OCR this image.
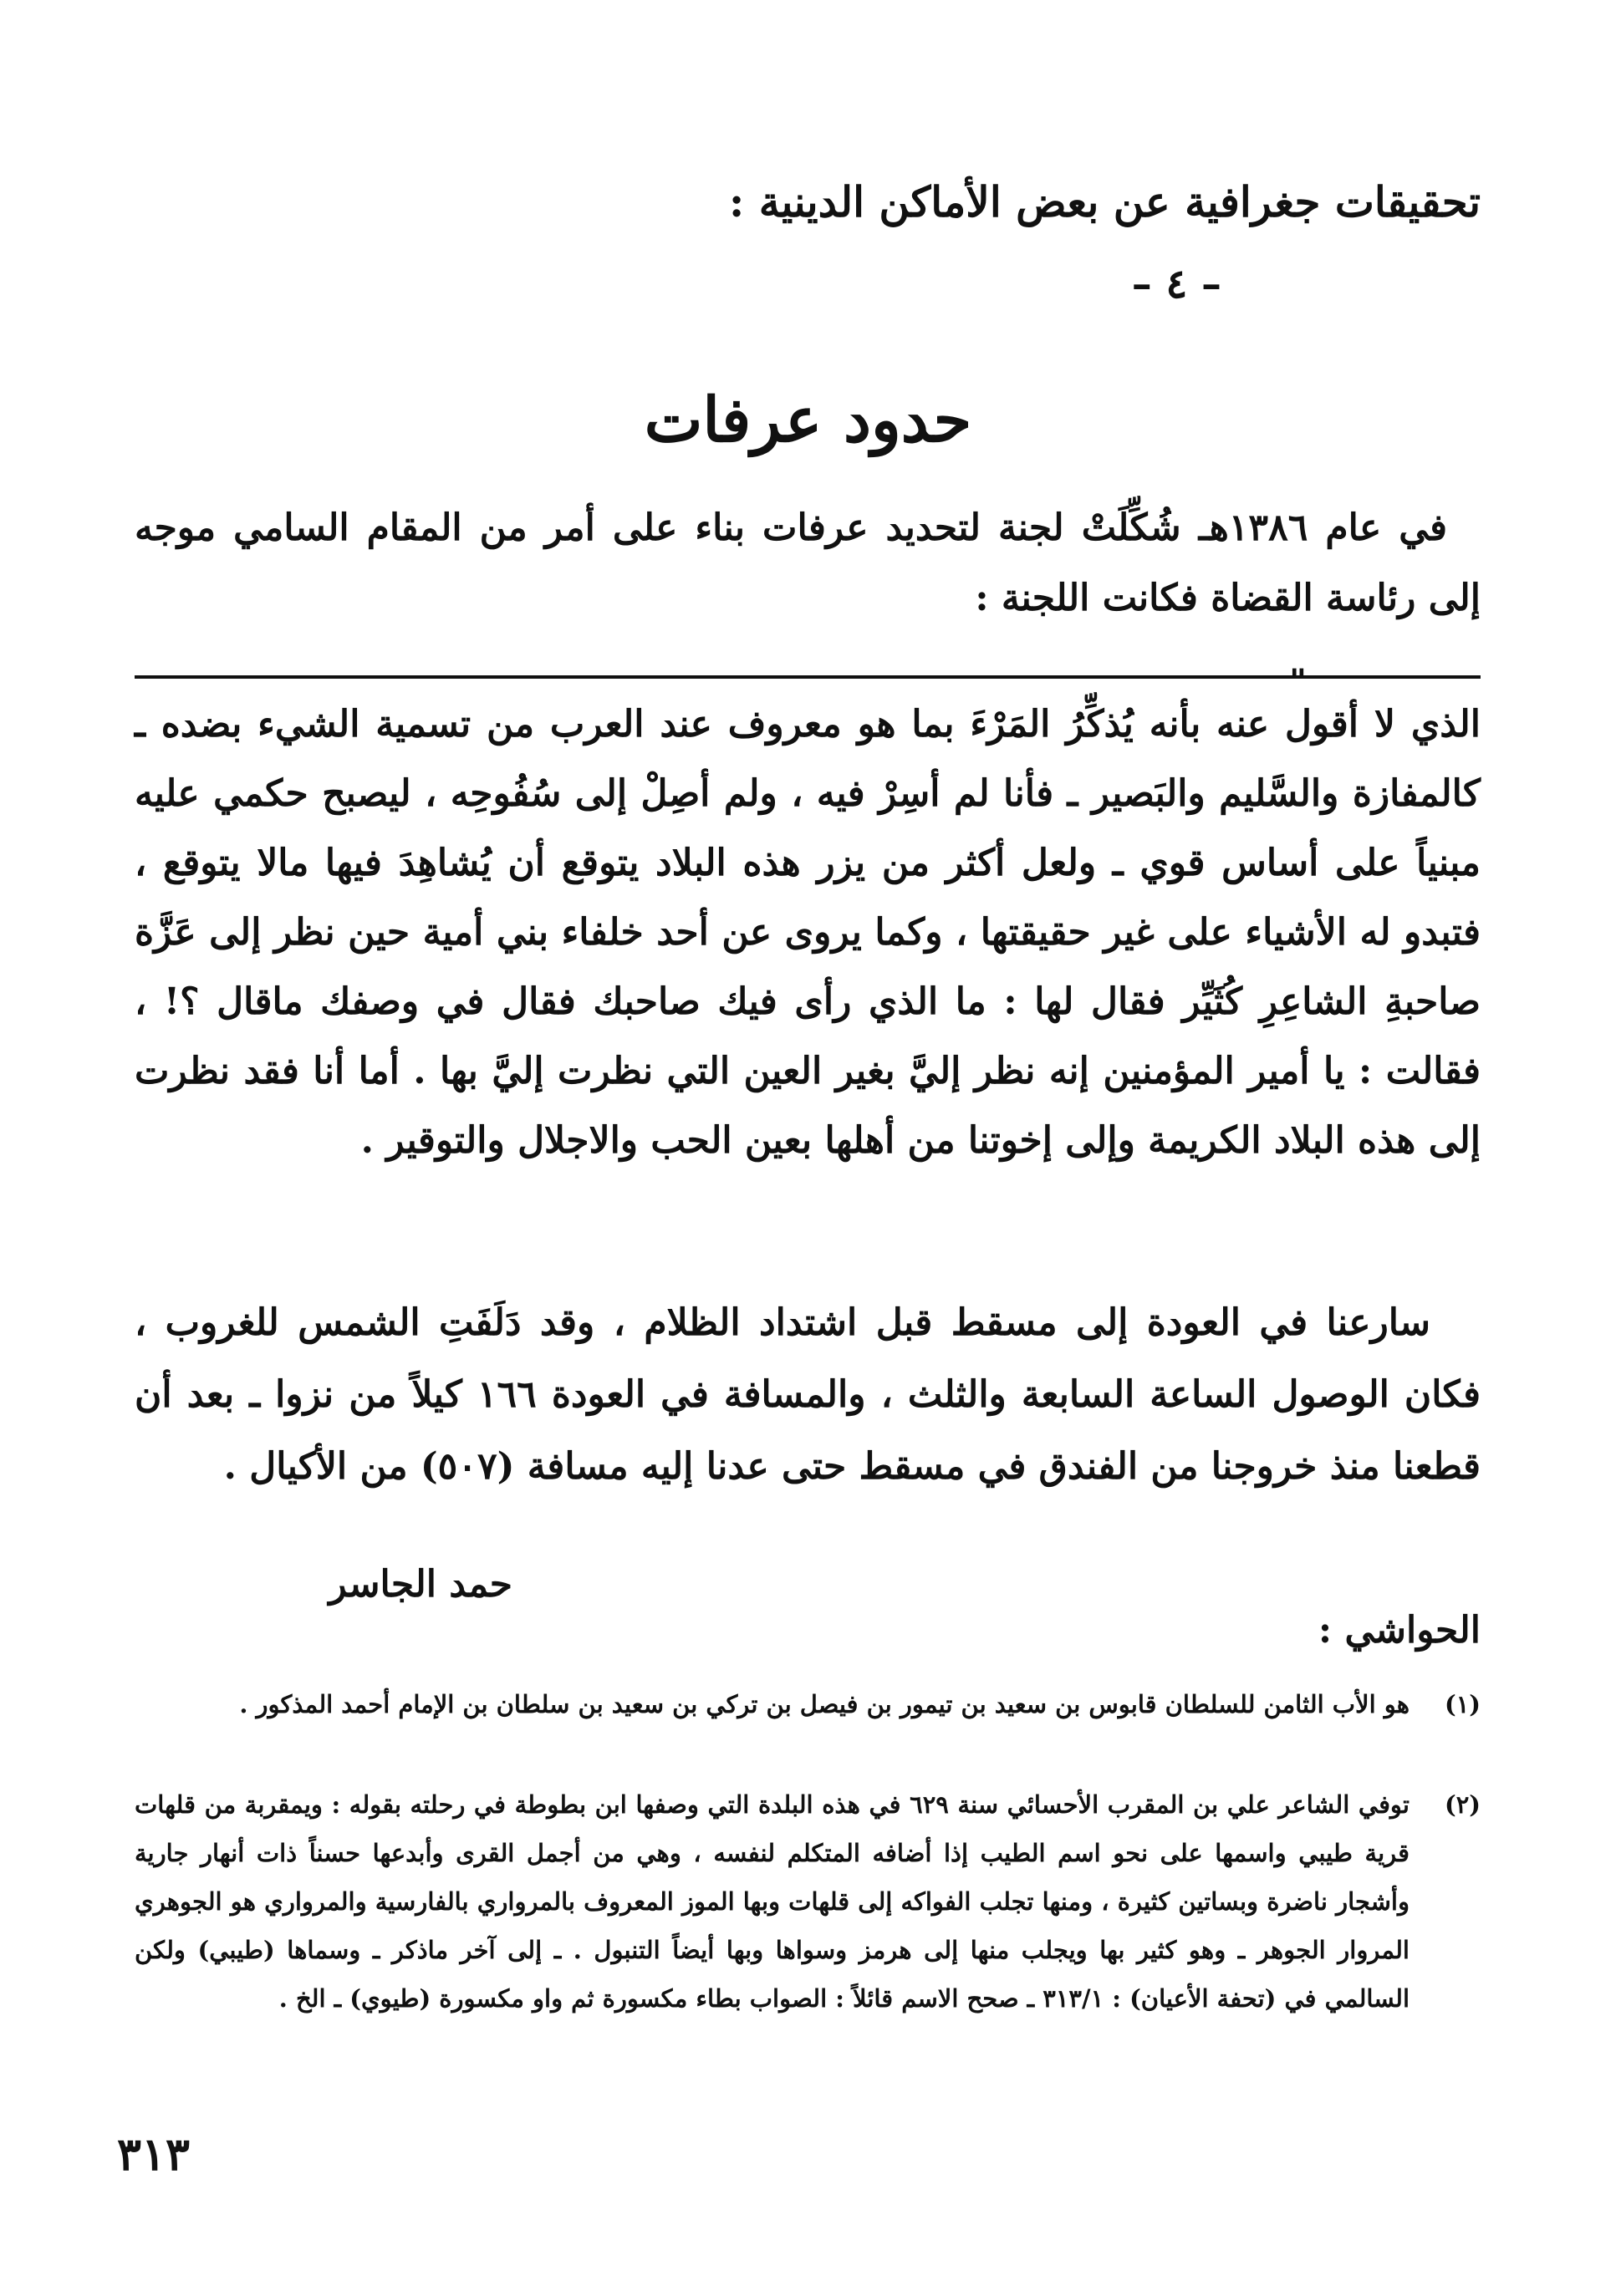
تحقيقات جغرافية عن بعض الأماكن الدينية :
– ٤ –
حدود عرفات

في عام ١٣٨٦هـ شُكِّلَتْ لجنة لتحديد عرفات بناء على أمر من المقام السامي موجه إلى رئاسة القضاة فكانت اللجنة :

"

الذي لا أقول عنه بأنه يُذكِّرُ المَرْءَ بما هو معروف عند العرب من تسمية الشيء بضده ـ كالمفازة والسَّليم والبَصير ـ فأنا لم أسِرْ فيه ، ولم أصِلْ إلى سُفُوحِه ، ليصبح حكمي عليه مبنياً على أساس قوي ـ ولعل أكثر من يزر هذه البلاد يتوقع أن يُشاهِدَ فيها مالا يتوقع ، فتبدو له الأشياء على غير حقيقتها ، وكما يروى عن أحد خلفاء بني أمية حين نظر إلى عَزَّة صاحبةِ الشاعِرِ كُثَيِّر فقال لها : ما الذي رأى فيك صاحبك فقال في وصفك ماقال ؟! ، فقالت : يا أمير المؤمنين إنه نظر إليَّ بغير العين التي نظرت إليَّ بها . أما أنا فقد نظرت إلى هذه البلاد الكريمة وإلى إخوتنا من أهلها بعين الحب والاجلال والتوقير .

سارعنا في العودة إلى مسقط قبل اشتداد الظلام ، وقد دَلَفَتِ الشمس للغروب ، فكان الوصول الساعة السابعة والثلث ، والمسافة في العودة ١٦٦ كيلاً من نزوا ـ بعد أن قطعنا منذ خروجنا من الفندق في مسقط حتى عدنا إليه مسافة (٥٠٧) من الأكيال .

حمد الجاسر
الحواشي :
(١)
هو الأب الثامن للسلطان قابوس بن سعيد بن تيمور بن فيصل بن تركي بن سعيد بن سلطان بن الإمام أحمد المذكور .
(٢)
توفي الشاعر علي بن المقرب الأحسائي سنة ٦٢٩ في هذه البلدة التي وصفها ابن بطوطة في رحلته بقوله : ويمقربة من قلهات قرية طيبي واسمها على نحو اسم الطيب إذا أضافه المتكلم لنفسه ، وهي من أجمل القرى وأبدعها حسناً ذات أنهار جارية وأشجار ناضرة وبساتين كثيرة ، ومنها تجلب الفواكه إلى قلهات وبها الموز المعروف بالمرواري بالفارسية والمرواري هو الجوهري المروار الجوهر ـ وهو كثير بها ويجلب منها إلى هرمز وسواها وبها أيضاً التنبول . ـ إلى آخر ماذكر ـ وسماها (طيبي) ولكن السالمي في (تحفة الأعيان) : ٣١٣/١ ـ صحح الاسم قائلاً : الصواب بطاء مكسورة ثم واو مكسورة (طيوي) ـ الخ .
٣١٣
